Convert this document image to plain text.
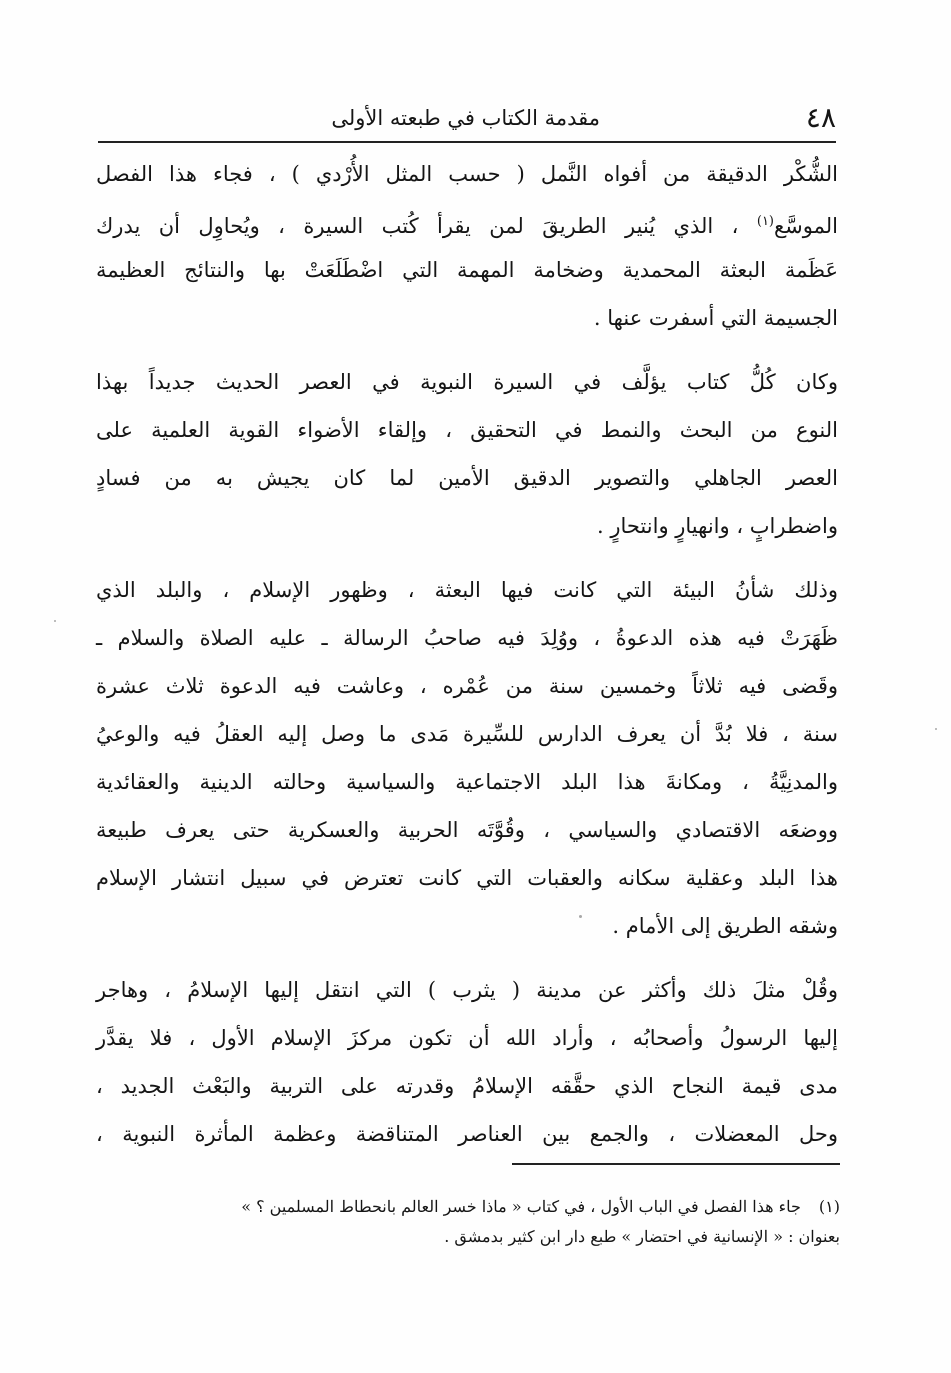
٤٨
مقدمة الكتاب في طبعته الأولى
الشُّكْر الدقيقة من أفواه النَّمل ( حسب المثل الأُرْدي ) ، فجاء هذا الفصل
الموسَّع$^{(١)}$ ، الذي يُنير الطريقَ لمن يقرأ كُتب السيرة ، ويُحاوِل أن يدرك
عَظَمة البعثة المحمدية وضخامة المهمة التي اضْطَلَعَتْ بها والنتائج العظيمة
الجسيمة التي أسفرت عنها .
وكان كُلُّ كتاب يؤلَّف في السيرة النبوية في العصر الحديث جديداً بهذا
النوع من البحث والنمط في التحقيق ، وإلقاء الأضواء القوية العلمية على
العصر الجاهلي والتصوير الدقيق الأمين لما كان يجيش به من فسادٍ
واضطرابٍ ، وانهيارٍ وانتحارٍ .
وذلك شأنُ البيئة التي كانت فيها البعثة ، وظهور الإسلام ، والبلد الذي
ظَهَرَتْ فيه هذه الدعوةُ ، ووُلِدَ فيه صاحبُ الرسالة ـ عليه الصلاة والسلام ـ
وقَضى فيه ثلاثاً وخمسين سنة من عُمْره ، وعاشت فيه الدعوة ثلاث عشرة
سنة ، فلا بُدَّ أن يعرف الدارس للسِّيرة مَدى ما وصل إليه العقلُ فيه والوعيُ
والمدنِيَّةُ ، ومكانةَ هذا البلد الاجتماعية والسياسية وحالته الدينية والعقائدية
ووضعَه الاقتصادي والسياسي ، وقُوَّتَه الحربية والعسكرية حتى يعرف طبيعة
هذا البلد وعقلية سكانه والعقبات التي كانت تعترض في سبيل انتشار الإسلام
وشقه الطريق إلى الأمام .
وقُلْ مثلَ ذلك وأكثر عن مدينة ( يثرب ) التي انتقل إليها الإسلامُ ، وهاجر
إليها الرسولُ وأصحابُه ، وأراد الله أن تكون مركزَ الإسلام الأول ، فلا يقدَّر
مدى قيمة النجاح الذي حقَّقه الإسلامُ وقدرته على التربية والبَعْث الجديد ،
وحل المعضلات ، والجمع بين العناصر المتناقضة وعظمة المأثرة النبوية ،
(١)جاء هذا الفصل في الباب الأول ، في كتاب « ماذا خسر العالم بانحطاط المسلمين ؟ »
بعنوان : « الإنسانية في احتضار » طبع دار ابن كثير بدمشق .
